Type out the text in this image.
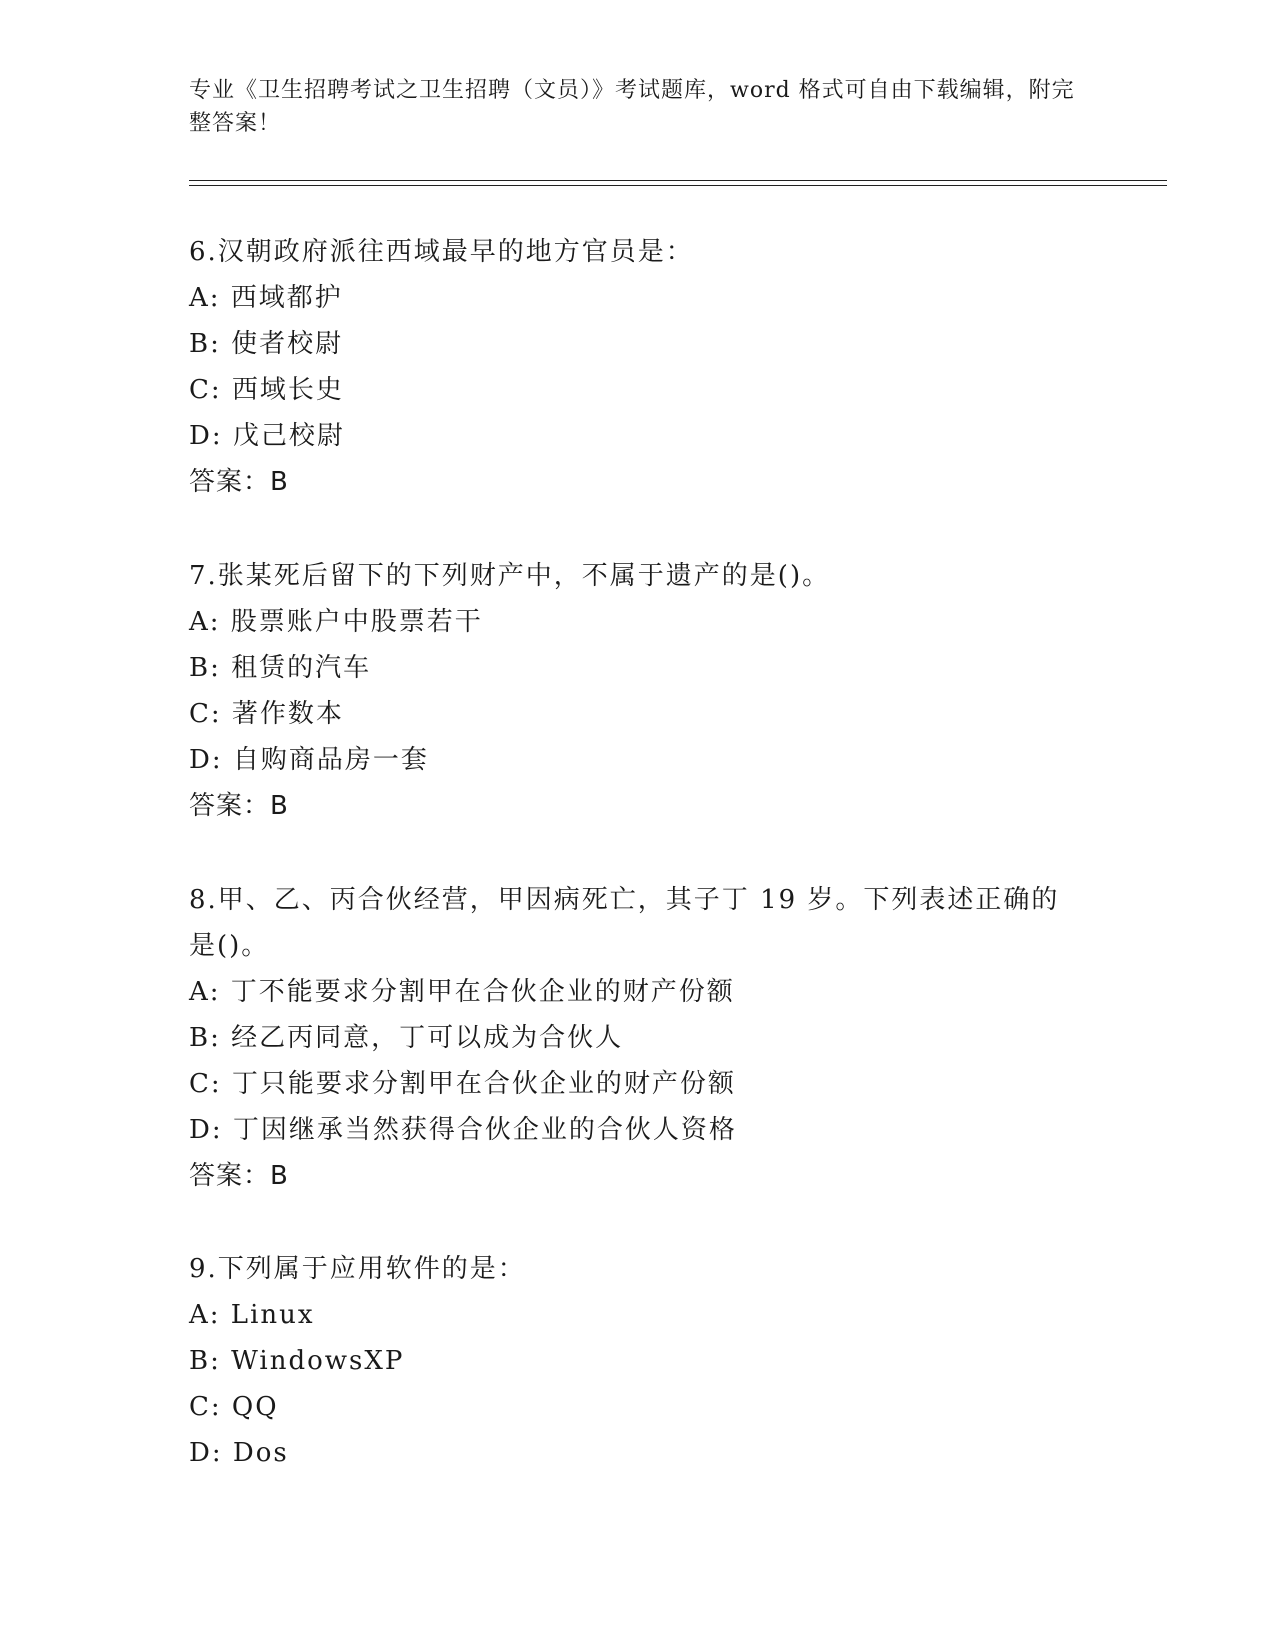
专业《卫生招聘考试之卫生招聘（文员）》考试题库，word 格式可自由下载编辑，附完整答案！
6.汉朝政府派往西域最早的地方官员是：
A: 西域都护
B: 使者校尉
C: 西域长史
D: 戊己校尉
答案：B
7.张某死后留下的下列财产中，不属于遗产的是()。
A: 股票账户中股票若干
B: 租赁的汽车
C: 著作数本
D: 自购商品房一套
答案：B
8.甲、乙、丙合伙经营，甲因病死亡，其子丁 19 岁。下列表述正确的
是()。
A: 丁不能要求分割甲在合伙企业的财产份额
B: 经乙丙同意，丁可以成为合伙人
C: 丁只能要求分割甲在合伙企业的财产份额
D: 丁因继承当然获得合伙企业的合伙人资格
答案：B
9.下列属于应用软件的是：
A: Linux
B: WindowsXP
C: QQ
D: Dos
